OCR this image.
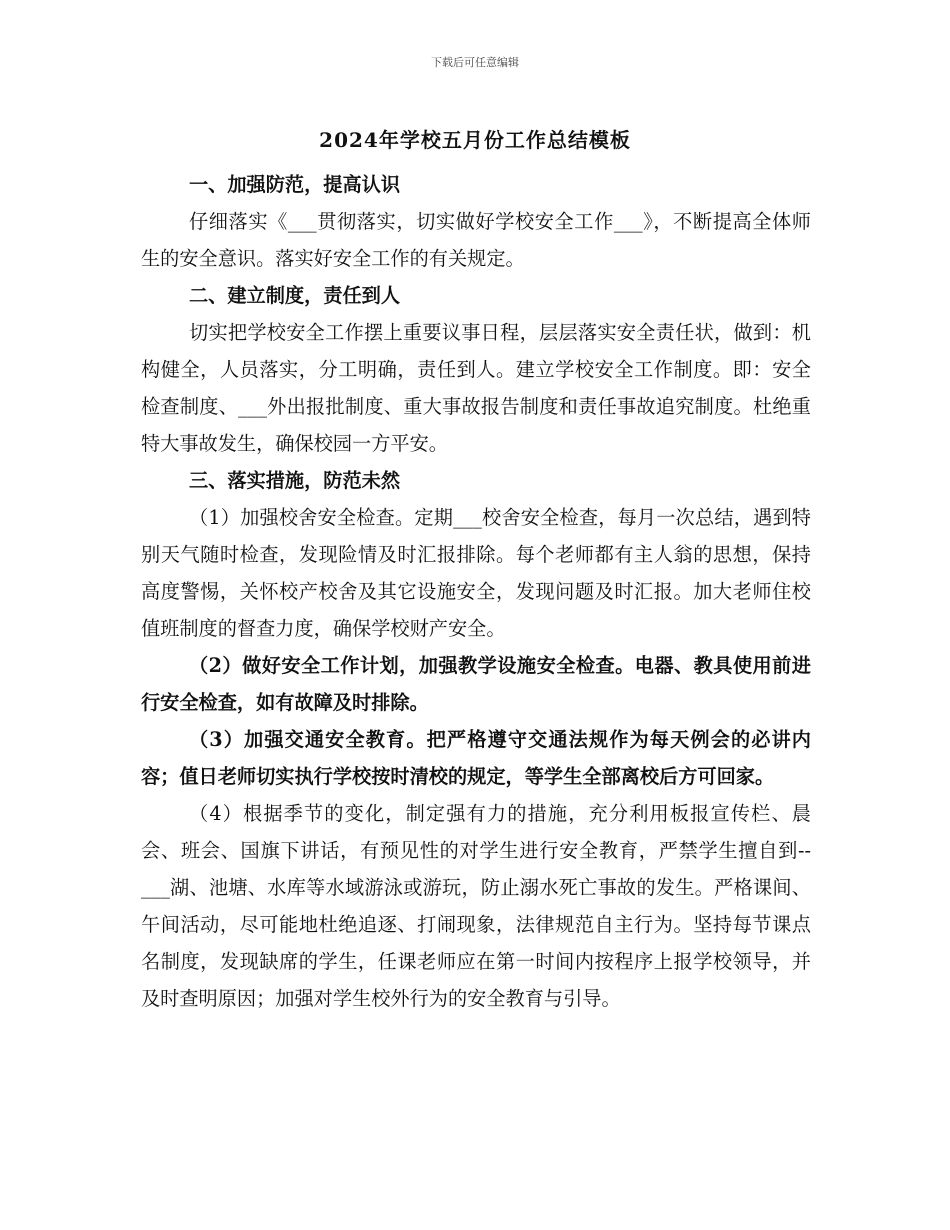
下载后可任意编辑
2024年学校五月份工作总结模板

一、加强防范，提高认识

仔细落实《___贯彻落实，切实做好学校安全工作___》，不断提高全体师生的安全意识。落实好安全工作的有关规定。

二、建立制度，责任到人

切实把学校安全工作摆上重要议事日程，层层落实安全责任状，做到：机构健全，人员落实，分工明确，责任到人。建立学校安全工作制度。即：安全检查制度、___外出报批制度、重大事故报告制度和责任事故追究制度。杜绝重特大事故发生，确保校园一方平安。

三、落实措施，防范未然

（1）加强校舍安全检查。定期___校舍安全检查，每月一次总结，遇到特别天气随时检查，发现险情及时汇报排除。每个老师都有主人翁的思想，保持高度警惕，关怀校产校舍及其它设施安全，发现问题及时汇报。加大老师住校值班制度的督查力度，确保学校财产安全。

（2）做好安全工作计划，加强教学设施安全检查。电器、教具使用前进行安全检查，如有故障及时排除。

（3）加强交通安全教育。把严格遵守交通法规作为每天例会的必讲内容；值日老师切实执行学校按时清校的规定，等学生全部离校后方可回家。

（4）根据季节的变化，制定强有力的措施，充分利用板报宣传栏、晨会、班会、国旗下讲话，有预见性的对学生进行安全教育，严禁学生擅自到--___湖、池塘、水库等水域游泳或游玩，防止溺水死亡事故的发生。严格课间、午间活动，尽可能地杜绝追逐、打闹现象，法律规范自主行为。坚持每节课点名制度，发现缺席的学生，任课老师应在第一时间内按程序上报学校领导，并及时查明原因；加强对学生校外行为的安全教育与引导。
